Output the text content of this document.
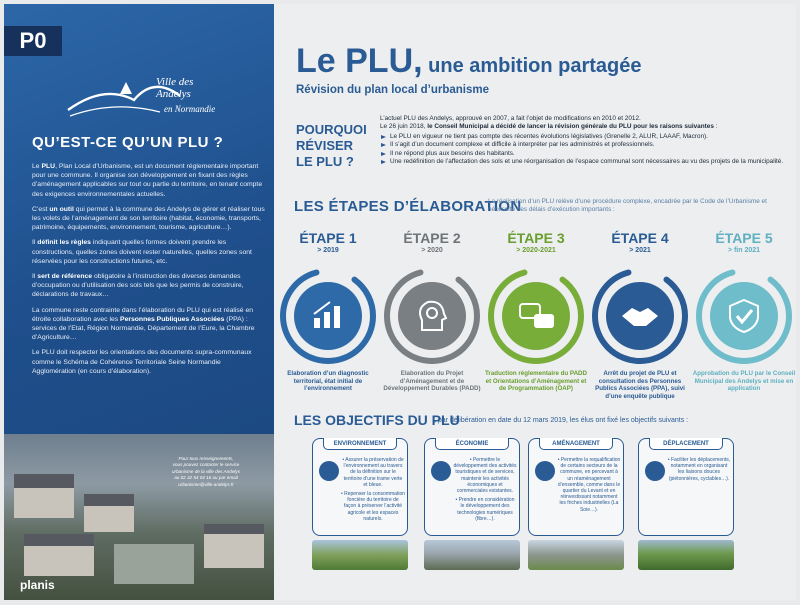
P0
Ville des
Andelys
en Normandie
QU’EST-CE QU’UN PLU ?

Le PLU, Plan Local d’Urbanisme, est un document réglementaire important pour une commune. Il organise son développement en fixant des règles d’aménagement applicables sur tout ou partie du territoire, en tenant compte des exigences environnementales actuelles.

C’est un outil qui permet à la commune des Andelys de gérer et réaliser tous les volets de l’aménagement de son territoire (habitat, économie, transports, patrimoine, équipements, environnement, tourisme, agriculture…).

Il définit les règles indiquant quelles formes doivent prendre les constructions, quelles zones doivent rester naturelles, quelles zones sont réservées pour les constructions futures, etc.

Il sert de référence obligatoire à l’instruction des diverses demandes d’occupation ou d’utilisation des sols tels que les permis de construire, déclarations de travaux…

La commune reste contrainte dans l’élaboration du PLU qui est réalisé en étroite collaboration avec les Personnes Publiques Associées (PPA) : services de l’Etat, Région Normandie, Département de l’Eure, la Chambre d’Agriculture…

Le PLU doit respecter les orientations des documents supra-communaux comme le Schéma de Cohérence Territoriale Seine Normandie Agglomération (en cours d’élaboration).

Pour tous renseignements,
vous pouvez contacter le service
urbanisme de la ville des Andelys
au 02 32 54 04 16 ou par email
urbanisme@ville-andelys.fr
planis
Le PLU, une ambition partagée
Révision du plan local d’urbanisme
POURQUOI
RÉVISER
LE PLU ?
L’actuel PLU des Andelys, approuvé en 2007, a fait l’objet de modifications en 2010 et 2012.
Le 26 juin 2018, le Conseil Municipal a décidé de lancer la révision générale du PLU pour les raisons suivantes :
Le PLU en vigueur ne tient pas compte des récentes évolutions législatives (Grenelle 2, ALUR, LAAAF, Macron).
Il s’agit d’un document complexe et difficile à interpréter par les administrés et professionnels.
Il ne répond plus aux besoins des habitants.
Une redéfinition de l’affectation des sols et une réorganisation de l’espace communal sont nécessaires au vu des projets de la municipalité.
LES ÉTAPES D’ÉLABORATION
La réalisation d’un PLU relève d’une procédure complexe, encadrée par le Code de l’Urbanisme et nécessite des délais d’exécution importants :
ÉTAPE 1
> 2019
Elaboration d’un diagnostic territorial, état initial de l’environnement
ÉTAPE 2
> 2020
Elaboration du Projet d’Aménagement et de Développement Durables (PADD)
ÉTAPE 3
> 2020-2021
Traduction réglementaire du PADD et Orientations d’Aménagement et de Programmation (OAP)
ÉTAPE 4
> 2021
Arrêt du projet de PLU et consultation des Personnes Publics Associées (PPA), suivi d’une enquête publique
ÉTAPE 5
> fin 2021
Approbation du PLU par le Conseil Municipal des Andelys et mise en application
LES OBJECTIFS DU PLU
, par délibération en date du 12 mars 2019, les élus ont fixé les objectifs suivants :
ENVIRONNEMENT
• Assurer la préservation de l’environnement au travers de la définition sur le territoire d’une trame verte et bleue.
• Repenser la consommation foncière du territoire de façon à préserver l’activité agricole et les espaces naturels.
ÉCONOMIE
• Permettre le développement des activités touristiques et de services, maintenir les activités économiques et commerciales existantes.
• Prendre en considération le développement des technologies numériques (fibre…).
AMÉNAGEMENT
• Permettre la requalification de certains secteurs de la commune, en percevant à un réaménagement d’ensemble, comme dans le quartier du Levant et en réinvestissant notamment les friches industrielles (La Soie…).
DÉPLACEMENT
• Faciliter les déplacements, notamment en organisant les liaisons douces (piétonnières, cyclables…).
